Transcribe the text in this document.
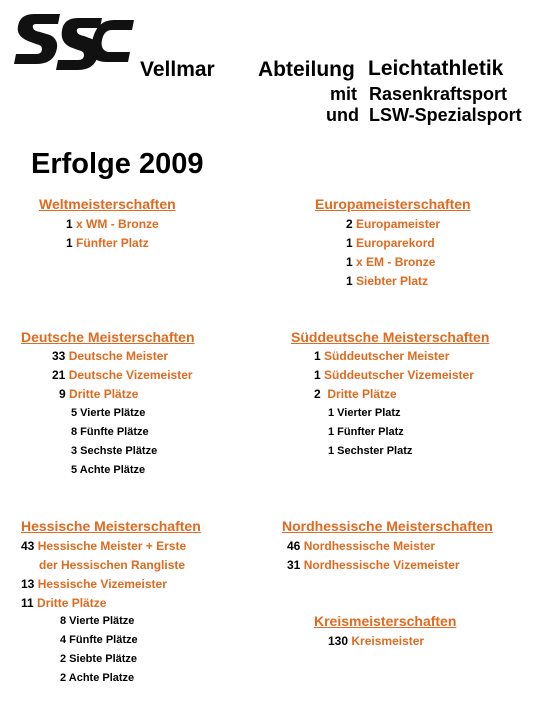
Vellmar Abteilung Leichtathletik
mit Rasenkraftsport
und LSW-Spezialsport
Erfolge 2009
Weltmeisterschaften
1 x WM - Bronze
1 Fünfter Platz
Europameisterschaften
2 Europameister
1 Europarekord
1 x EM - Bronze
1 Siebter Platz
Deutsche Meisterschaften
33 Deutsche Meister
21 Deutsche Vizemeister
9 Dritte Plätze
5 Vierte Plätze
8 Fünfte Plätze
3 Sechste Plätze
5 Achte Plätze
Süddeutsche Meisterschaften
1 Süddeutscher Meister
1 Süddeutscher Vizemeister
2 Dritte Plätze
1 Vierter Platz
1 Fünfter Platz
1 Sechster Platz
Hessische Meisterschaften
43 Hessische Meister + Erste
der Hessischen Rangliste
13 Hessische Vizemeister
11 Dritte Plätze
8 Vierte Plätze
4 Fünfte Plätze
2 Siebte Plätze
2 Achte Platze
Nordhessische Meisterschaften
46 Nordhessische Meister
31 Nordhessische Vizemeister
Kreismeisterschaften
130 Kreismeister
